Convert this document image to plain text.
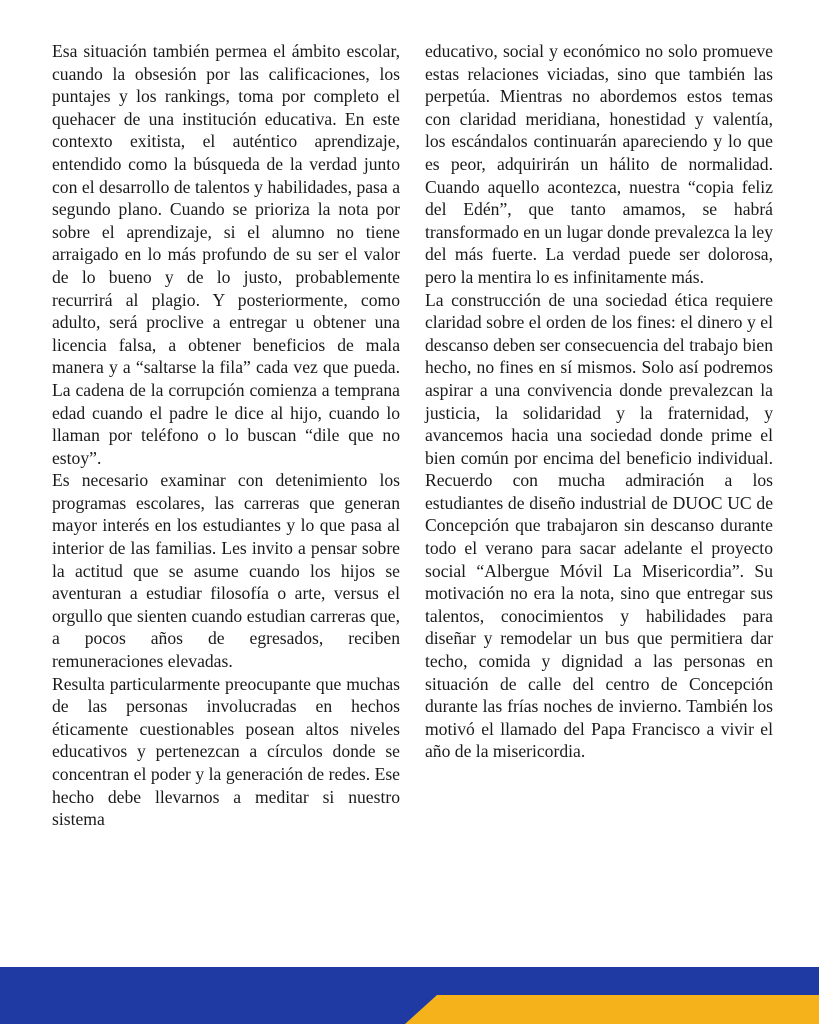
Esa situación también permea el ámbito escolar, cuando la obsesión por las calificaciones, los puntajes y los rankings, toma por completo el quehacer de una institución educativa. En este contexto exitista, el auténtico aprendizaje, entendido como la búsqueda de la verdad junto con el desarrollo de talentos y habilidades, pasa a segundo plano. Cuando se prioriza la nota por sobre el aprendizaje, si el alumno no tiene arraigado en lo más profundo de su ser el valor de lo bueno y de lo justo, probablemente recurrirá al plagio. Y posteriormente, como adulto, será proclive a entregar u obtener una licencia falsa, a obtener beneficios de mala manera y a “saltarse la fila” cada vez que pueda. La cadena de la corrupción comienza a temprana edad cuando el padre le dice al hijo, cuando lo llaman por teléfono o lo buscan “dile que no estoy”.

Es necesario examinar con detenimiento los programas escolares, las carreras que generan mayor interés en los estudiantes y lo que pasa al interior de las familias. Les invito a pensar sobre la actitud que se asume cuando los hijos se aventuran a estudiar filosofía o arte, versus el orgullo que sienten cuando estudian carreras que, a pocos años de egresados, reciben remuneraciones elevadas.

Resulta particularmente preocupante que muchas de las personas involucradas en hechos éticamente cuestionables posean altos niveles educativos y pertenezcan a círculos donde se concentran el poder y la generación de redes. Ese hecho debe llevarnos a meditar si nuestro sistema

educativo, social y económico no solo promueve estas relaciones viciadas, sino que también las perpetúa. Mientras no abordemos estos temas con claridad meridiana, honestidad y valentía, los escándalos continuarán apareciendo y lo que es peor, adquirirán un hálito de normalidad. Cuando aquello acontezca, nuestra “copia feliz del Edén”, que tanto amamos, se habrá transformado en un lugar donde prevalezca la ley del más fuerte. La verdad puede ser dolorosa, pero la mentira lo es infinitamente más.

La construcción de una sociedad ética requiere claridad sobre el orden de los fines: el dinero y el descanso deben ser consecuencia del trabajo bien hecho, no fines en sí mismos. Solo así podremos aspirar a una convivencia donde prevalezcan la justicia, la solidaridad y la fraternidad, y avancemos hacia una sociedad donde prime el bien común por encima del beneficio individual. Recuerdo con mucha admiración a los estudiantes de diseño industrial de DUOC UC de Concepción que trabajaron sin descanso durante todo el verano para sacar adelante el proyecto social “Albergue Móvil La Misericordia”. Su motivación no era la nota, sino que entregar sus talentos, conocimientos y habilidades para diseñar y remodelar un bus que permitiera dar techo, comida y dignidad a las personas en situación de calle del centro de Concepción durante las frías noches de invierno. También los motivó el llamado del Papa Francisco a vivir el año de la misericordia.
